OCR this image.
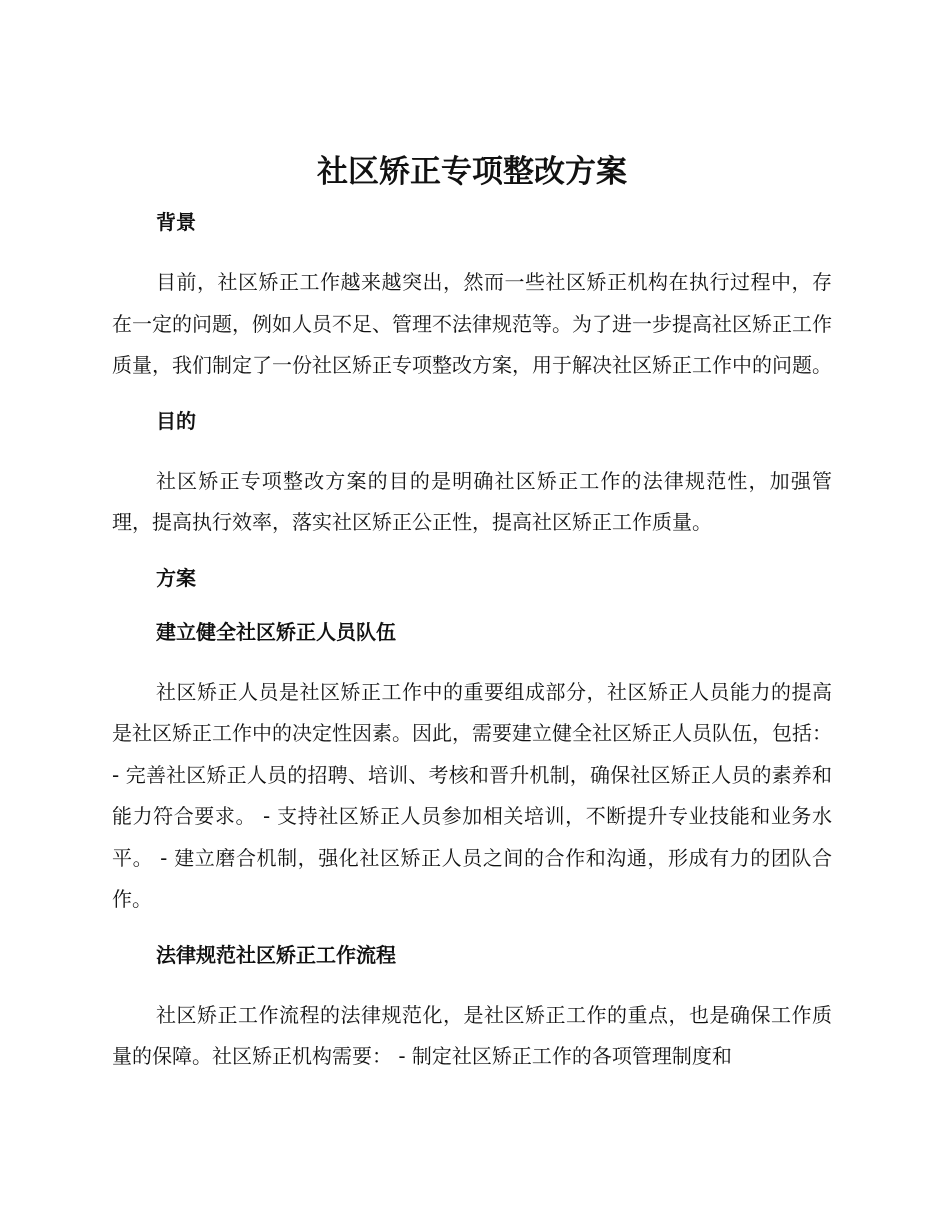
社区矫正专项整改方案
背景

目前，社区矫正工作越来越突出，然而一些社区矫正机构在执行过程中，存在一定的问题，例如人员不足、管理不法律规范等。为了进一步提高社区矫正工作质量，我们制定了一份社区矫正专项整改方案，用于解决社区矫正工作中的问题。

目的

社区矫正专项整改方案的目的是明确社区矫正工作的法律规范性，加强管理，提高执行效率，落实社区矫正公正性，提高社区矫正工作质量。

方案
建立健全社区矫正人员队伍

社区矫正人员是社区矫正工作中的重要组成部分，社区矫正人员能力的提高是社区矫正工作中的决定性因素。因此，需要建立健全社区矫正人员队伍，包括： - 完善社区矫正人员的招聘、培训、考核和晋升机制，确保社区矫正人员的素养和能力符合要求。 - 支持社区矫正人员参加相关培训，不断提升专业技能和业务水平。 - 建立磨合机制，强化社区矫正人员之间的合作和沟通，形成有力的团队合作。

法律规范社区矫正工作流程

社区矫正工作流程的法律规范化，是社区矫正工作的重点，也是确保工作质量的保障。社区矫正机构需要： - 制定社区矫正工作的各项管理制度和
